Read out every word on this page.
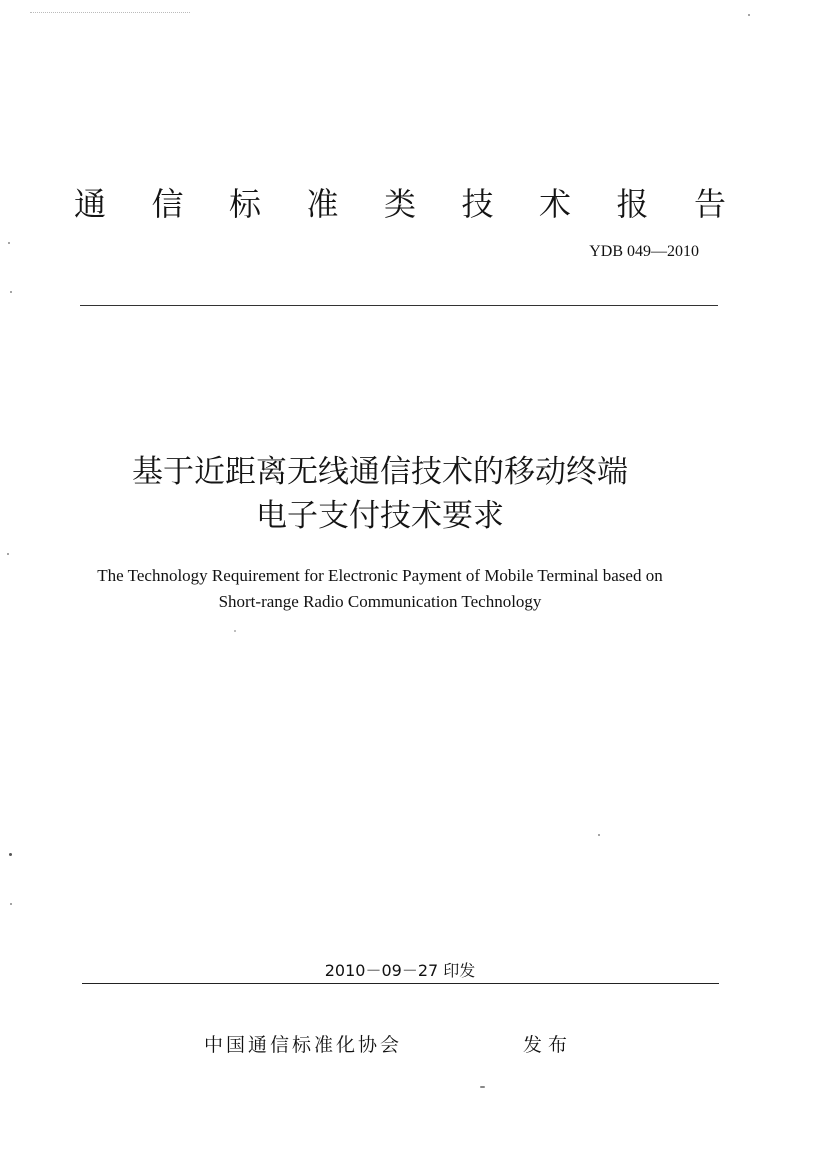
通	信	标	准	类	技	术	报	告
YDB 049—2010
基于近距离无线通信技术的移动终端
电子支付技术要求
The Technology Requirement for Electronic Payment of Mobile Terminal based on
Short-range Radio Communication Technology
2010－09－27 印发
中国通信标准化协会	发布
